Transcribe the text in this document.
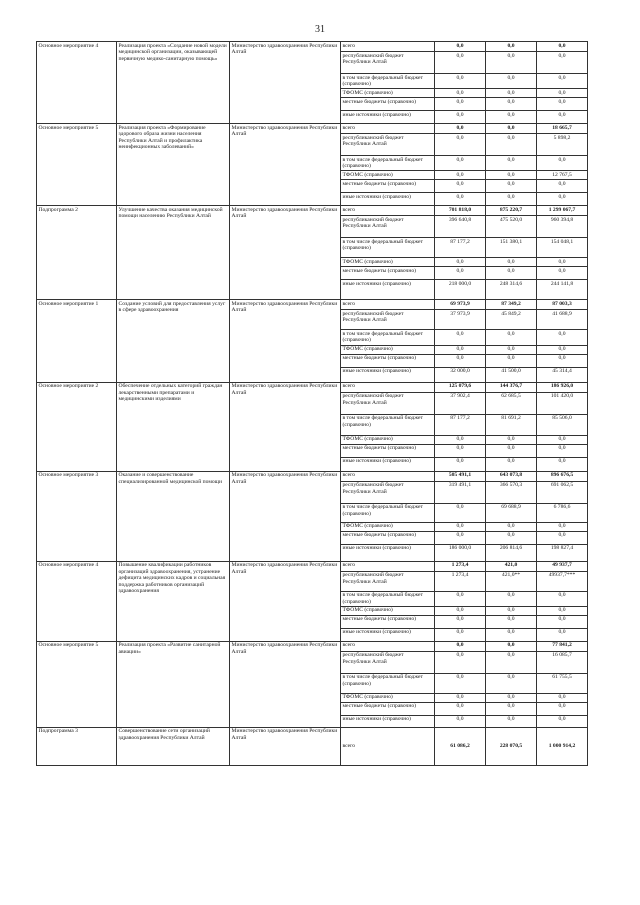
31
Основное мероприятие 4	Реализация проекта «Создание новой модели медицинской организации, оказывающей первичную медико-санитарную помощь»	Министерство здравоохранения Республики Алтай	всего	0,0	0,0	0,0
			республиканский бюджет Республики Алтай	0,0	0,0	0,0
			в том числе федеральный бюджет (справочно)	0,0	0,0	0,0
			ТФОМС (справочно)	0,0	0,0	0,0
			местные бюджеты (справочно)	0,0	0,0	0,0
			иные источники (справочно)	0,0	0,0	0,0
Основное мероприятие 5	Реализация проекта «Формирование здорового образа жизни населения Республики Алтай и профилактика неинфекционных заболеваний»	Министерство здравоохранения Республики Алтай	всего	0,0	0,0	18 665,7
			республиканский бюджет Республики Алтай	0,0	0,0	5 898,2
			в том числе федеральный бюджет (справочно)	0,0	0,0	0,0
			ТФОМС (справочно)	0,0	0,0	12 767,5
			местные бюджеты (справочно)	0,0	0,0	0,0
			иные источники (справочно)	0,0	0,0	0,0
Подпрограмма 2	Улучшение качества оказания медицинской помощи населению Республики Алтай	Министерство здравоохранения Республики Алтай	всего	701 818,0	875 220,7	1 299 067,7
			республиканский бюджет Республики Алтай	396 640,8	475 520,0	960 394,8
			в том числе федеральный бюджет (справочно)	87 177,2	151 380,1	154 048,1
			ТФОМС (справочно)	0,0	0,0	0,0
			местные бюджеты (справочно)	0,0	0,0	0,0
			иные источники (справочно)	218 000,0	248 314,6	244 141,8
Основное мероприятие 1	Создание условий для предоставления услуг в сфере здравоохранения	Министерство здравоохранения Республики Алтай	всего	69 973,9	87 349,2	87 003,3
			республиканский бюджет Республики Алтай	37 973,9	45 849,2	41 688,9
			в том числе федеральный бюджет (справочно)	0,0	0,0	0,0
			ТФОМС (справочно)	0,0	0,0	0,0
			местные бюджеты (справочно)	0,0	0,0	0,0
			иные источники (справочно)	32 000,0	41 500,0	45 314,4
Основное мероприятие 2	Обеспечение отдельных категорий граждан лекарственными препаратами и медицинскими изделиями	Министерство здравоохранения Республики Алтай	всего	125 079,6	144 376,7	186 926,0
			республиканский бюджет Республики Алтай	37 902,4	62 685,5	101 420,0
			в том числе федеральный бюджет (справочно)	87 177,2	81 691,2	85 506,0
			ТФОМС (справочно)	0,0	0,0	0,0
			местные бюджеты (справочно)	0,0	0,0	0,0
			иные источники (справочно)	0,0	0,0	0,0
Основное мероприятие 3	Оказание и совершенствование специализированной медицинской помощи	Министерство здравоохранения Республики Алтай	всего	505 491,1	643 073,8	896 676,5
			республиканский бюджет Республики Алтай	319 491,1	366 570,3	691 062,5
			в том числе федеральный бюджет (справочно)	0,0	69 688,9	6 786,6
			ТФОМС (справочно)	0,0	0,0	0,0
			местные бюджеты (справочно)	0,0	0,0	0,0
			иные источники (справочно)	186 000,0	206 814,6	198 827,4
Основное мероприятие 4	Повышение квалификации работников организаций здравоохранения, устранение дефицита медицинских кадров и социальная поддержка работников организаций здравоохранения	Министерство здравоохранения Республики Алтай	всего	1 273,4	421,0	49 937,7
			республиканский бюджет Республики Алтай	1 273,4	421,0**	49937,7***
			в том числе федеральный бюджет (справочно)	0,0	0,0	0,0
			ТФОМС (справочно)	0,0	0,0	0,0
			местные бюджеты (справочно)	0,0	0,0	0,0
			иные источники (справочно)	0,0	0,0	0,0
Основное мероприятие 5	Реализация проекта «Развитие санитарной авиации»	Министерство здравоохранения Республики Алтай	всего	0,0	0,0	77 841,2
			республиканский бюджет Республики Алтай	0,0	0,0	16 085,7
			в том числе федеральный бюджет (справочно)	0,0	0,0	61 755,5
			ТФОМС (справочно)	0,0	0,0	0,0
			местные бюджеты (справочно)	0,0	0,0	0,0
			иные источники (справочно)	0,0	0,0	0,0
Подпрограмма 3	Совершенствование сети организаций здравоохранения Республики Алтай	Министерство здравоохранения Республики Алтай	всего	61 086,2	228 070,5	1 000 914,2
